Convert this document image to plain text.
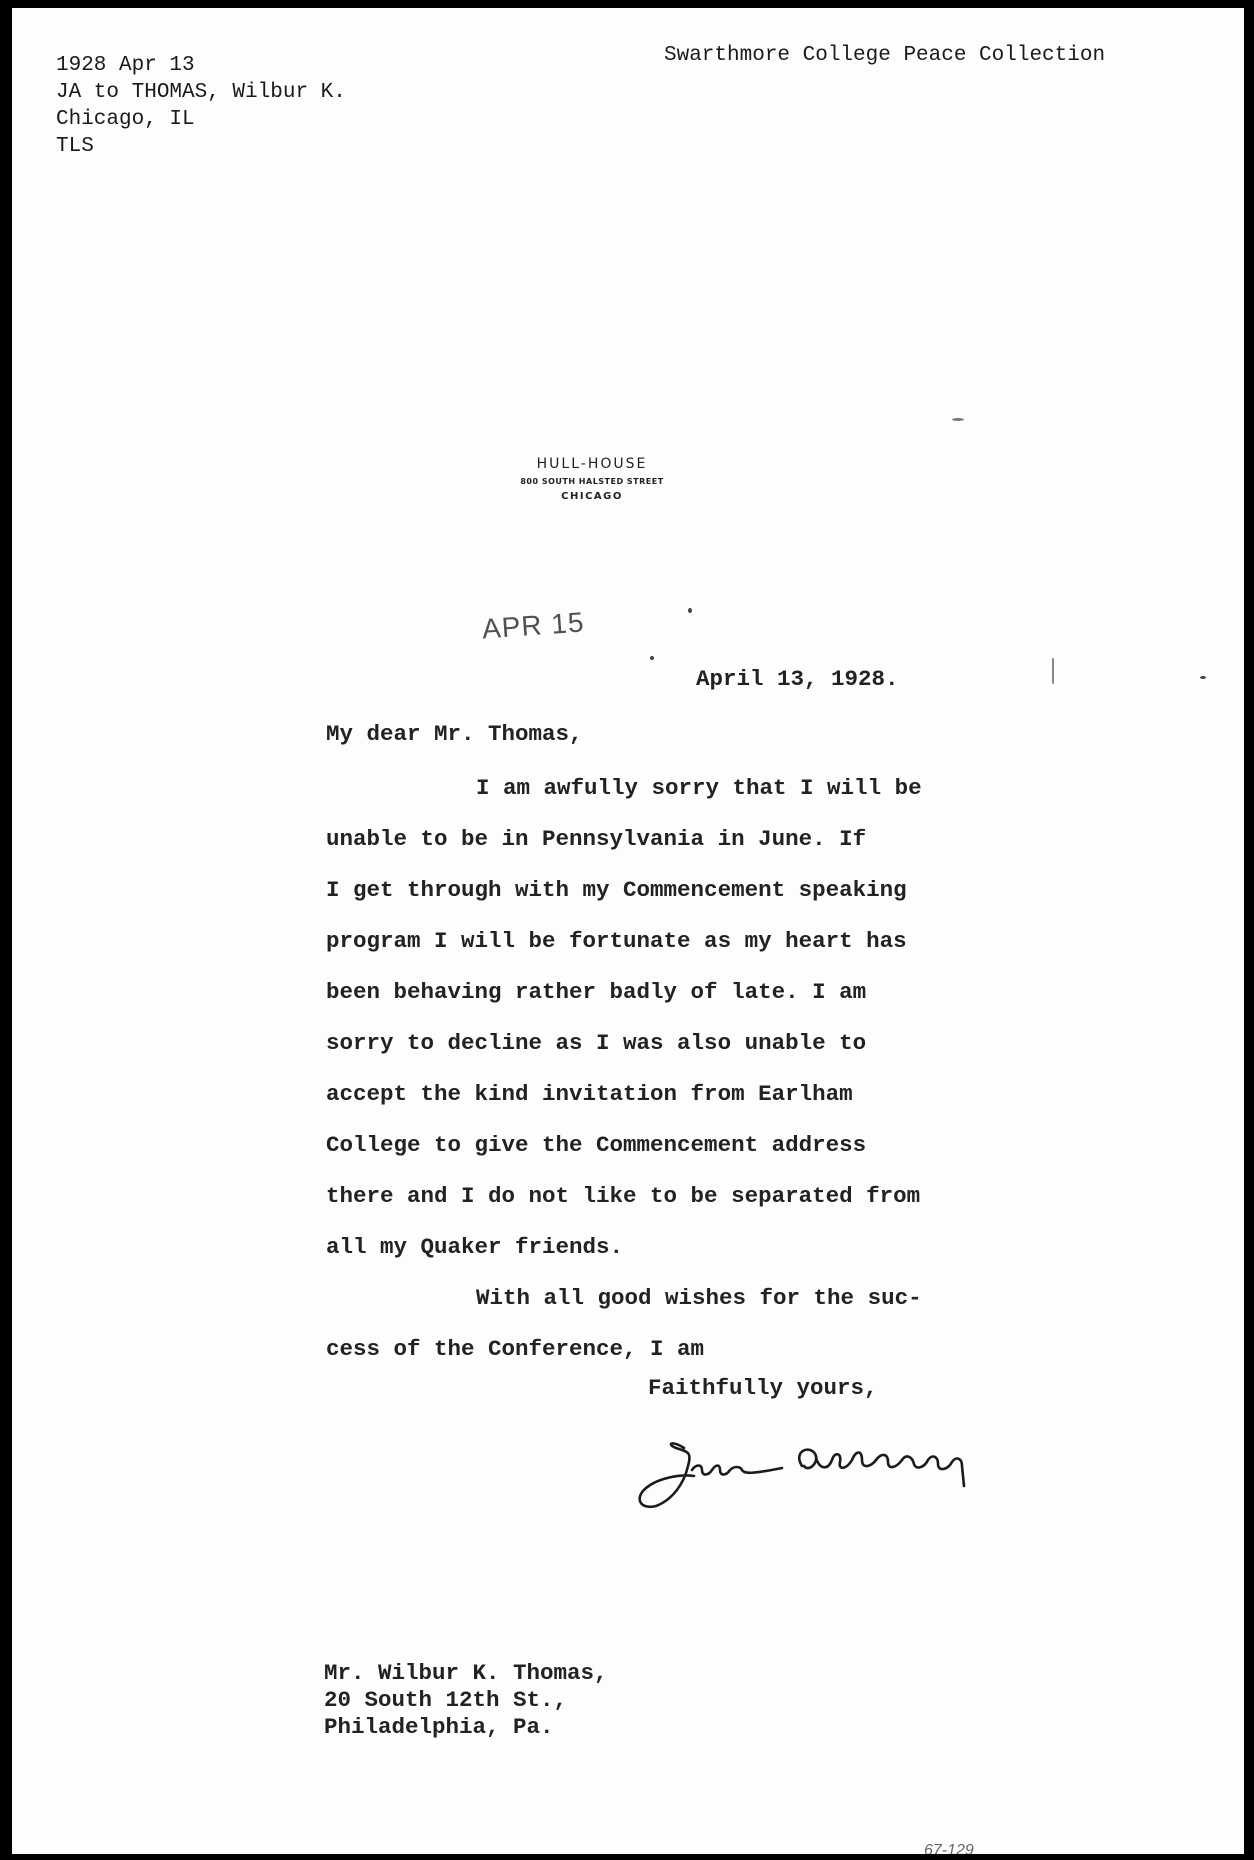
1928 Apr 13
JA to THOMAS, Wilbur K.
Chicago, IL
TLS
Swarthmore College Peace Collection
HULL-HOUSE
800 SOUTH HALSTED STREET
CHICAGO
APR 15
April 13, 1928.
My dear Mr. Thomas,
I am awfully sorry that I will be
unable to be in Pennsylvania in June. If
I get through with my Commencement speaking
program I will be fortunate as my heart has
been behaving rather badly of late. I am
sorry to decline as I was also unable to
accept the kind invitation from Earlham
College to give the Commencement address
there and I do not like to be separated from
all my Quaker friends.
With all good wishes for the suc-
cess of the Conference, I am
Faithfully yours,
Mr. Wilbur K. Thomas,
20 South 12th St.,
Philadelphia, Pa.
67-129
